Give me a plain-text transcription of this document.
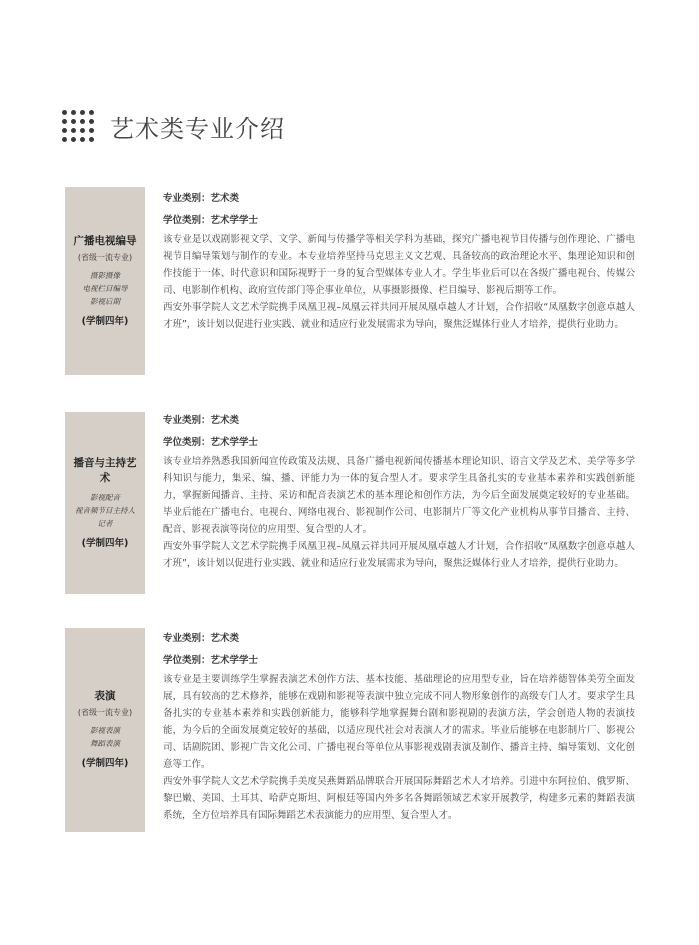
艺术类专业介绍
广播电视编导
(省级一流专业)
摄影摄像
电视栏目编导
影视后期
(学制四年)

专业类别：艺术类

学位类别：艺术学学士

该专业是以戏剧影视文学、文学、新闻与传播学等相关学科为基础，探究广播电视节目传播与创作理论、广播电视节目编导策划与制作的专业。本专业培养坚持马克思主义文艺观、具备较高的政治理论水平、集理论知识和创作技能于一体、时代意识和国际视野于一身的复合型媒体专业人才。学生毕业后可以在各级广播电视台、传媒公司、电影制作机构、政府宣传部门等企事业单位，从事摄影摄像、栏目编导、影视后期等工作。

西安外事学院人文艺术学院携手凤凰卫视–凤凰云祥共同开展凤凰卓越人才计划，合作招收“凤凰数字创意卓越人才班”，该计划以促进行业实践、就业和适应行业发展需求为导向，聚焦泛媒体行业人才培养，提供行业助力。

播音与主持艺术
影视配音
视音频节目主持人
记者
(学制四年)

专业类别：艺术类

学位类别：艺术学学士

该专业培养熟悉我国新闻宣传政策及法规、具备广播电视新闻传播基本理论知识、语言文学及艺术、美学等多学科知识与能力，集采、编、播、评能力为一体的复合型人才。要求学生具备扎实的专业基本素养和实践创新能力，掌握新闻播音、主持、采访和配音表演艺术的基本理论和创作方法，为今后全面发展奠定较好的专业基础。毕业后能在广播电台、电视台、网络电视台、影视制作公司、电影制片厂等文化产业机构从事节目播音、主持、配音、影视表演等岗位的应用型、复合型的人才。

西安外事学院人文艺术学院携手凤凰卫视–凤凰云祥共同开展凤凰卓越人才计划，合作招收“凤凰数字创意卓越人才班”，该计划以促进行业实践、就业和适应行业发展需求为导向，聚焦泛媒体行业人才培养，提供行业助力。

表演
(省级一流专业)
影视表演
舞蹈表演
(学制四年)

专业类别：艺术类

学位类别：艺术学学士

该专业是主要训练学生掌握表演艺术创作方法、基本技能、基础理论的应用型专业，旨在培养德智体美劳全面发展，具有较高的艺术修养，能够在戏剧和影视等表演中独立完成不同人物形象创作的高级专门人才。要求学生具备扎实的专业基本素养和实践创新能力，能够科学地掌握舞台剧和影视剧的表演方法，学会创造人物的表演技能，为今后的全面发展奠定较好的基础，以适应现代社会对表演人才的需求。毕业后能够在电影制片厂、影视公司、话剧院团、影视广告文化公司、广播电视台等单位从事影视戏剧表演及制作、播音主持、编导策划、文化创意等工作。

西安外事学院人文艺术学院携手美度吴燕舞蹈品牌联合开展国际舞蹈艺术人才培养。引进中东阿拉伯、俄罗斯、黎巴嫩、美国、土耳其、哈萨克斯坦、阿根廷等国内外多名各舞蹈领域艺术家开展教学，构建多元素的舞蹈表演系统，全方位培养具有国际舞蹈艺术表演能力的应用型、复合型人才。
